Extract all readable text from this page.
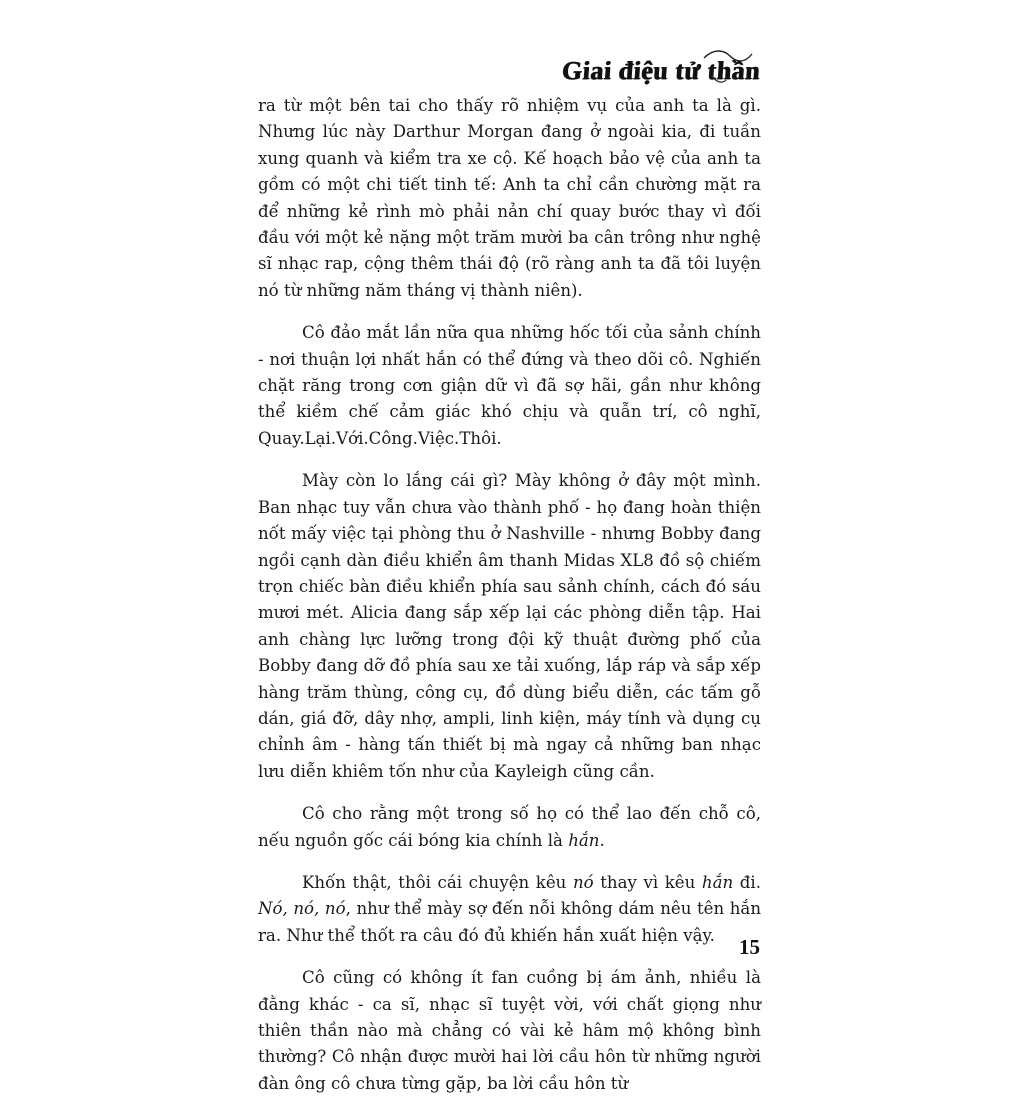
Giai điệu tử thần

ra từ một bên tai cho thấy rõ nhiệm vụ của anh ta là gì. Nhưng lúc này Darthur Morgan đang ở ngoài kia, đi tuần xung quanh và kiểm tra xe cộ. Kế hoạch bảo vệ của anh ta gồm có một chi tiết tinh tế: Anh ta chỉ cần chường mặt ra để những kẻ rình mò phải nản chí quay bước thay vì đối đầu với một kẻ nặng một trăm mười ba cân trông như nghệ sĩ nhạc rap, cộng thêm thái độ (rõ ràng anh ta đã tôi luyện nó từ những năm tháng vị thành niên).

Cô đảo mắt lần nữa qua những hốc tối của sảnh chính - nơi thuận lợi nhất hắn có thể đứng và theo dõi cô. Nghiến chặt răng trong cơn giận dữ vì đã sợ hãi, gần như không thể kiềm chế cảm giác khó chịu và quẫn trí, cô nghĩ, Quay.Lại.Với.Công.Việc.Thôi.

Mày còn lo lắng cái gì? Mày không ở đây một mình. Ban nhạc tuy vẫn chưa vào thành phố - họ đang hoàn thiện nốt mấy việc tại phòng thu ở Nashville - nhưng Bobby đang ngồi cạnh dàn điều khiển âm thanh Midas XL8 đồ sộ chiếm trọn chiếc bàn điều khiển phía sau sảnh chính, cách đó sáu mươi mét. Alicia đang sắp xếp lại các phòng diễn tập. Hai anh chàng lực lưỡng trong đội kỹ thuật đường phố của Bobby đang dỡ đồ phía sau xe tải xuống, lắp ráp và sắp xếp hàng trăm thùng, công cụ, đồ dùng biểu diễn, các tấm gỗ dán, giá đỡ, dây nhợ, ampli, linh kiện, máy tính và dụng cụ chỉnh âm - hàng tấn thiết bị mà ngay cả những ban nhạc lưu diễn khiêm tốn như của Kayleigh cũng cần.

Cô cho rằng một trong số họ có thể lao đến chỗ cô, nếu nguồn gốc cái bóng kia chính là hắn.

Khốn thật, thôi cái chuyện kêu nó thay vì kêu hắn đi. Nó, nó, nó, như thể mày sợ đến nỗi không dám nêu tên hắn ra. Như thể thốt ra câu đó đủ khiến hắn xuất hiện vậy.

Cô cũng có không ít fan cuồng bị ám ảnh, nhiều là đằng khác - ca sĩ, nhạc sĩ tuyệt vời, với chất giọng như thiên thần nào mà chẳng có vài kẻ hâm mộ không bình thường? Cô nhận được mười hai lời cầu hôn từ những người đàn ông cô chưa từng gặp, ba lời cầu hôn từ

15
